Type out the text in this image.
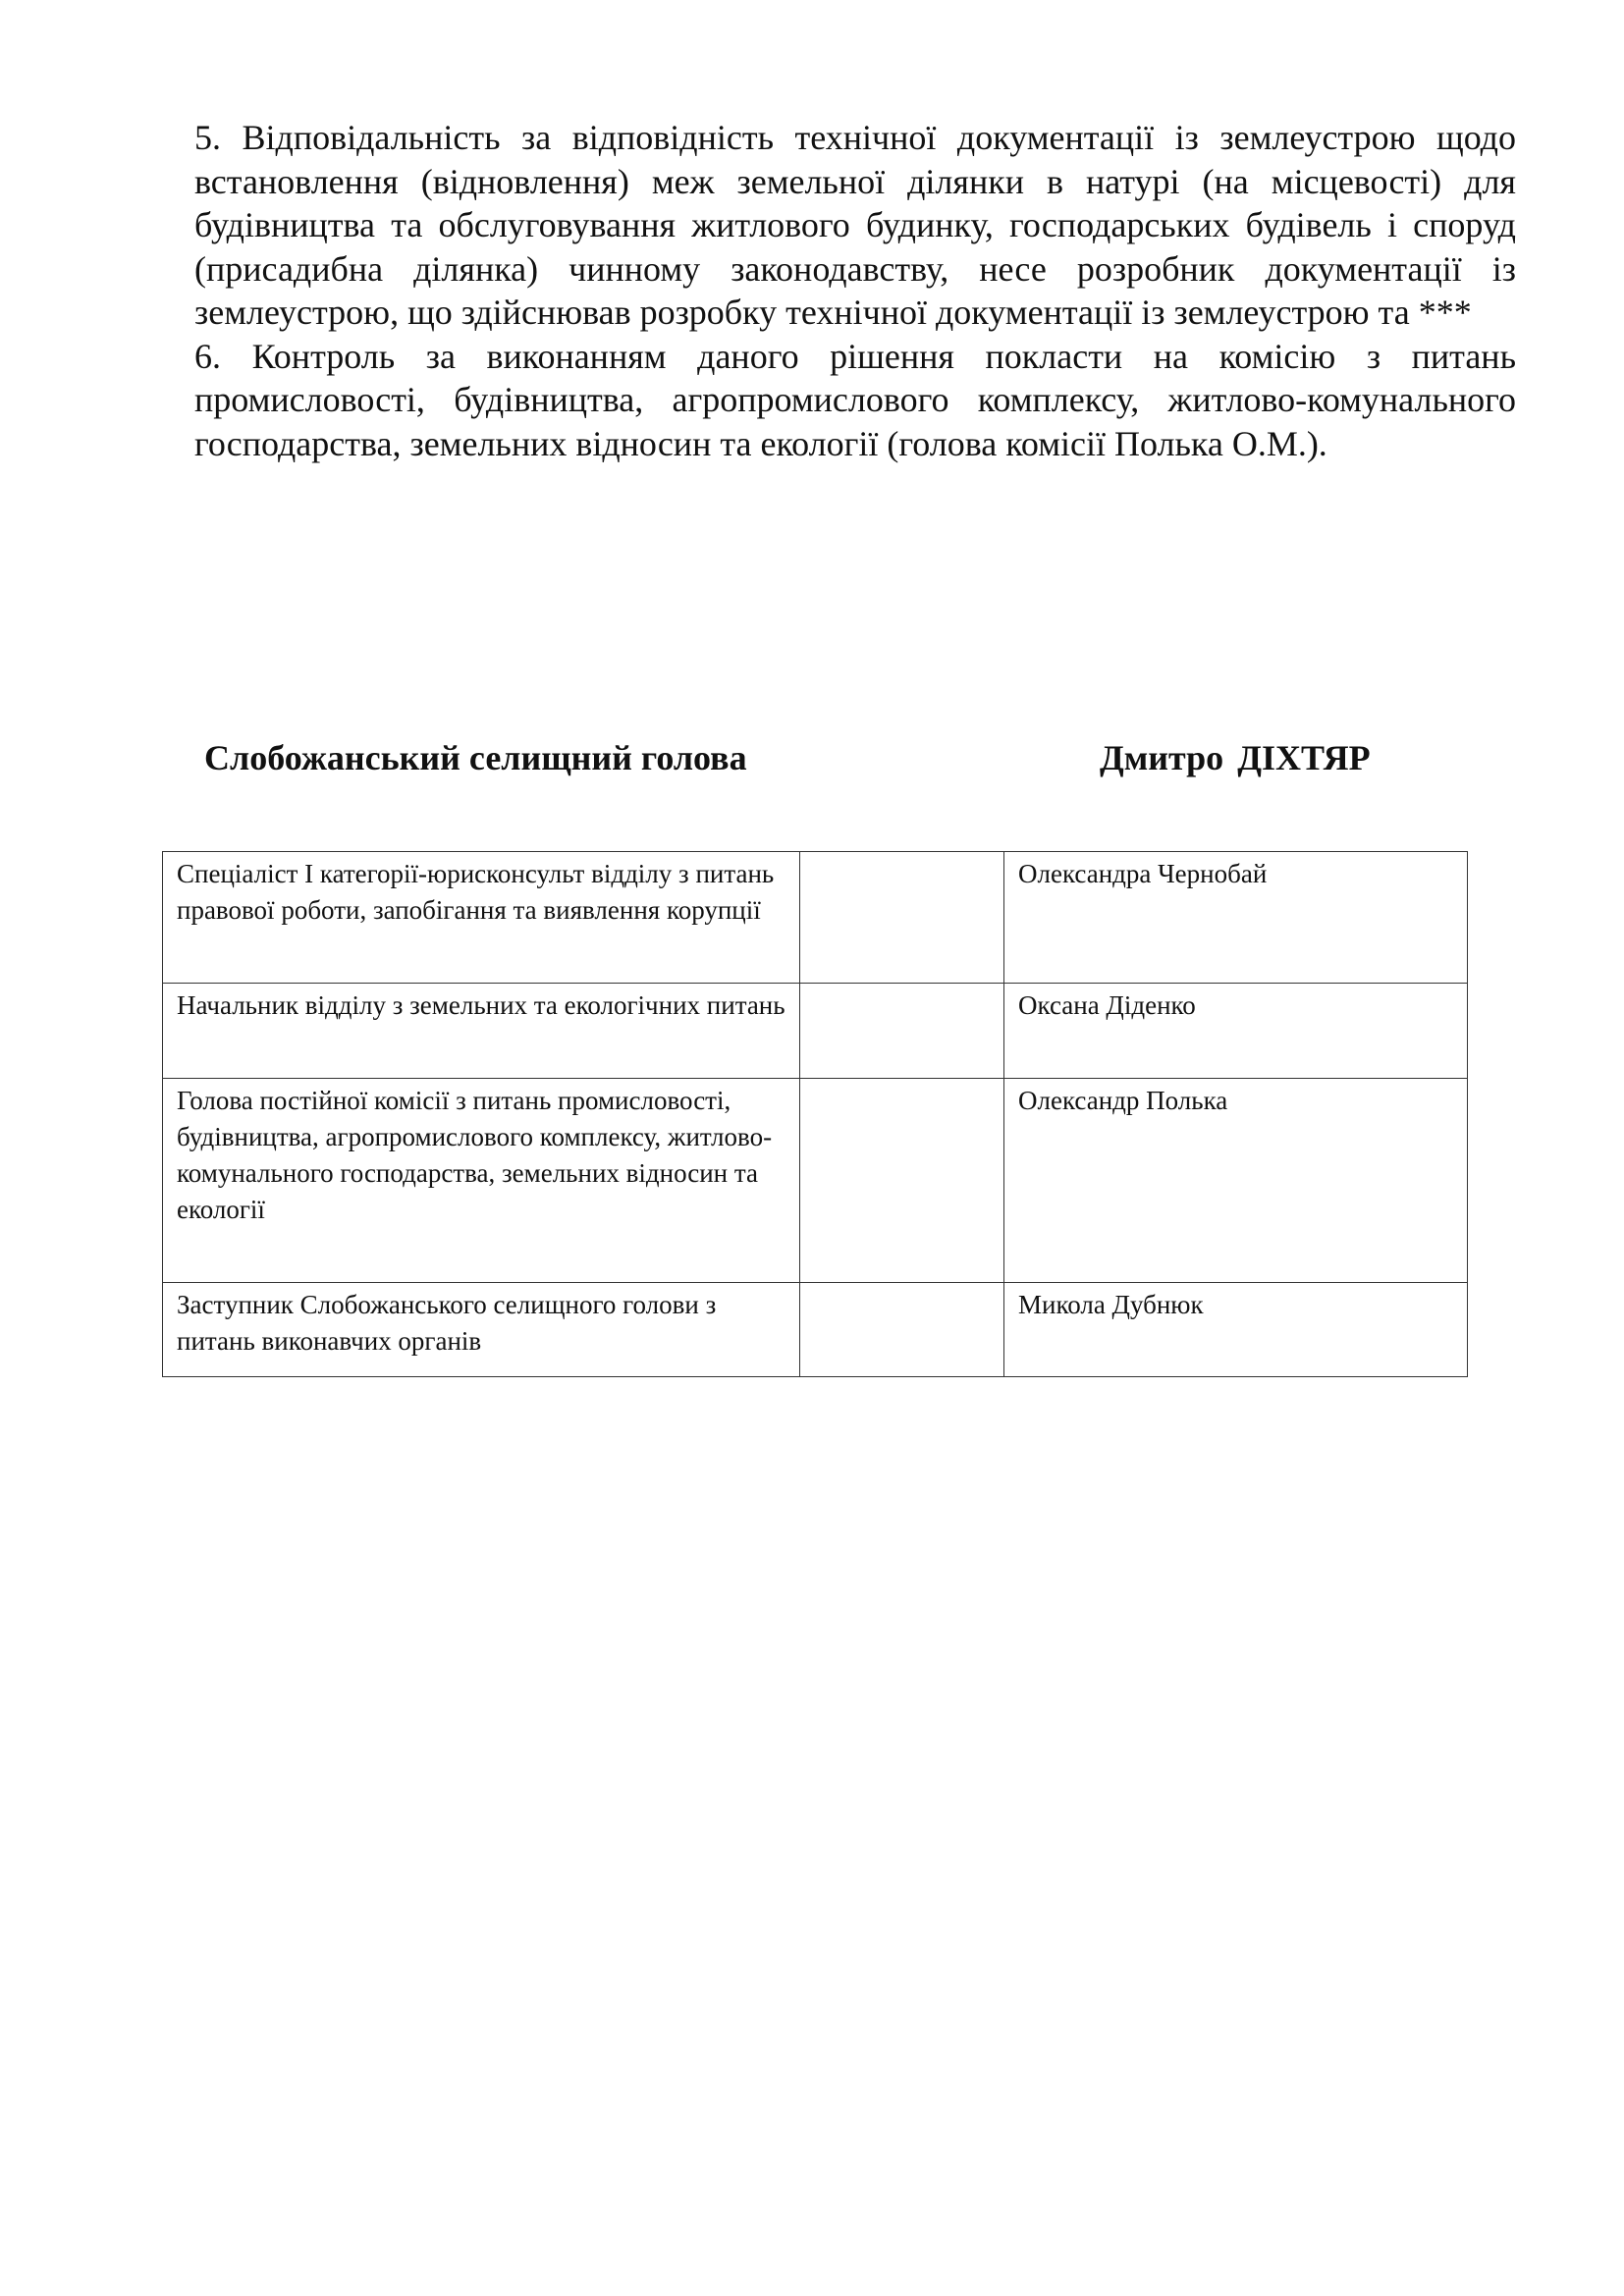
5. Відповідальність за відповідність технічної документації із землеустрою щодо встановлення (відновлення) меж земельної ділянки в натурі (на місцевості) для будівництва та обслуговування житлового будинку, господарських будівель і споруд (присадибна ділянка) чинному законодавству, несе розробник документації із землеустрою, що здійснював розробку технічної документації із землеустрою та ***

6. Контроль за виконанням даного рішення покласти на комісію з питань промисловості, будівництва, агропромислового комплексу, житлово-комунального господарства, земельних відносин та екології (голова комісії Полька О.М.).

Слобожанський селищний голова	Дмитро ДІХТЯР
Спеціаліст І категорії-юрисконсульт відділу з питань правової роботи, запобігання та виявлення корупції		Олександра Чернобай
Начальник відділу з земельних та екологічних питань		Оксана Діденко
Голова постійної комісії з питань промисловості, будівництва, агропромислового комплексу, житлово-комунального господарства, земельних відносин та екології		Олександр Полька
Заступник Слобожанського селищного голови з питань виконавчих органів		Микола Дубнюк
